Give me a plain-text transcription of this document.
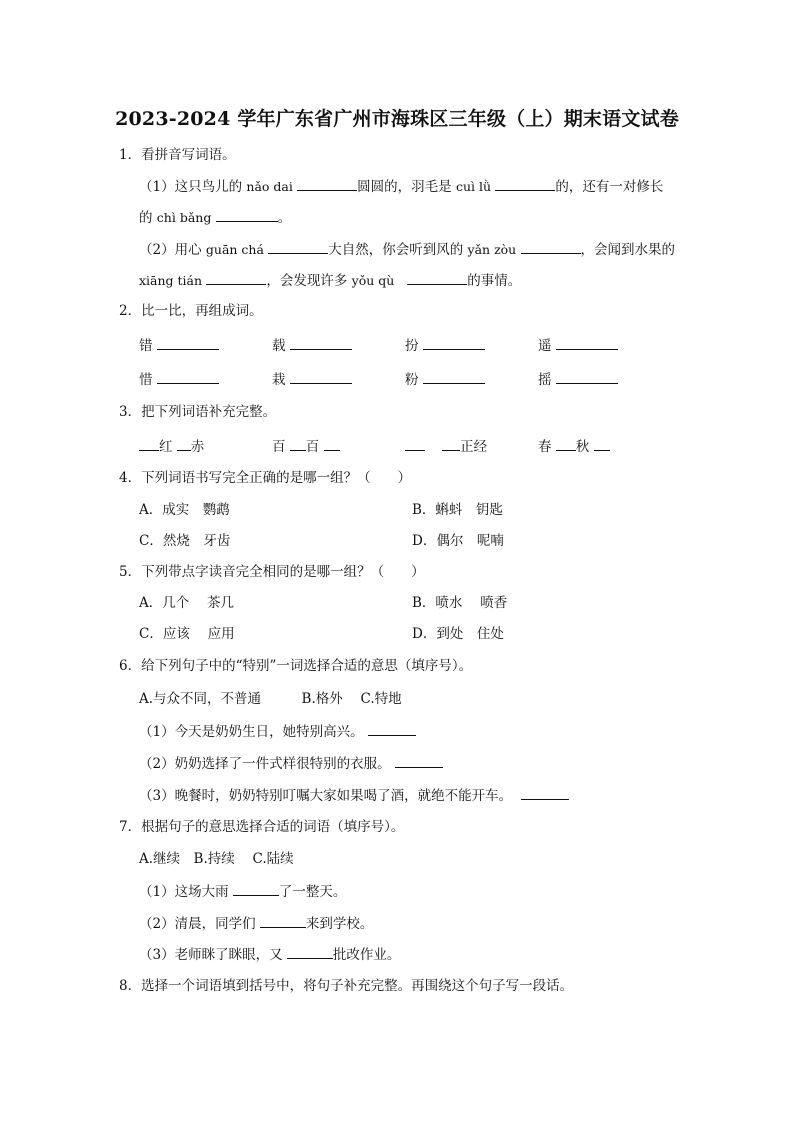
2023-2024 学年广东省广州市海珠区三年级（上）期末语文试卷
1．看拼音写词语。
（1）这只鸟儿的 nǎo dai	圆圆的，羽毛是 cuì lǜ	的，还有一对修长
的 chì bǎng	。
（2）用心 guān chá	大自然，你会听到风的 yǎn zòu	，会闻到水果的
xiāng tián	，会发现许多 yǒu qù	的事情。
2．比一比，再组成词。
错	载	扮	遥
惜	栽	粉	摇
3．把下列词语补充完整。
红 赤	百 百	正经	春 秋
4．下列词语书写完全正确的是哪一组？（　　）
A．成实　鹦鹉	B．蝌蚪　钥匙
C．然烧　牙齿	D．偶尔　呢喃
5．下列带点字读音完全相同的是哪一组？（　　）
A．几个　 茶几	B．喷水　 喷香
C．应该　 应用	D．到处　住处
6．给下列句子中的“特别”一词选择合适的意思（填序号）。
A.与众不同，不普通　　　B.格外　 C.特地
（1）今天是奶奶生日，她特别高兴。
（2）奶奶选择了一件式样很特别的衣服。
（3）晚餐时，奶奶特别叮嘱大家如果喝了酒，就绝不能开车。
7．根据句子的意思选择合适的词语（填序号）。
A.继续　B.持续　 C.陆续
（1）这场大雨	了一整天。
（2）清晨，同学们	来到学校。
（3）老师眯了眯眼，又	批改作业。
8．选择一个词语填到括号中，将句子补充完整。再围绕这个句子写一段话。
